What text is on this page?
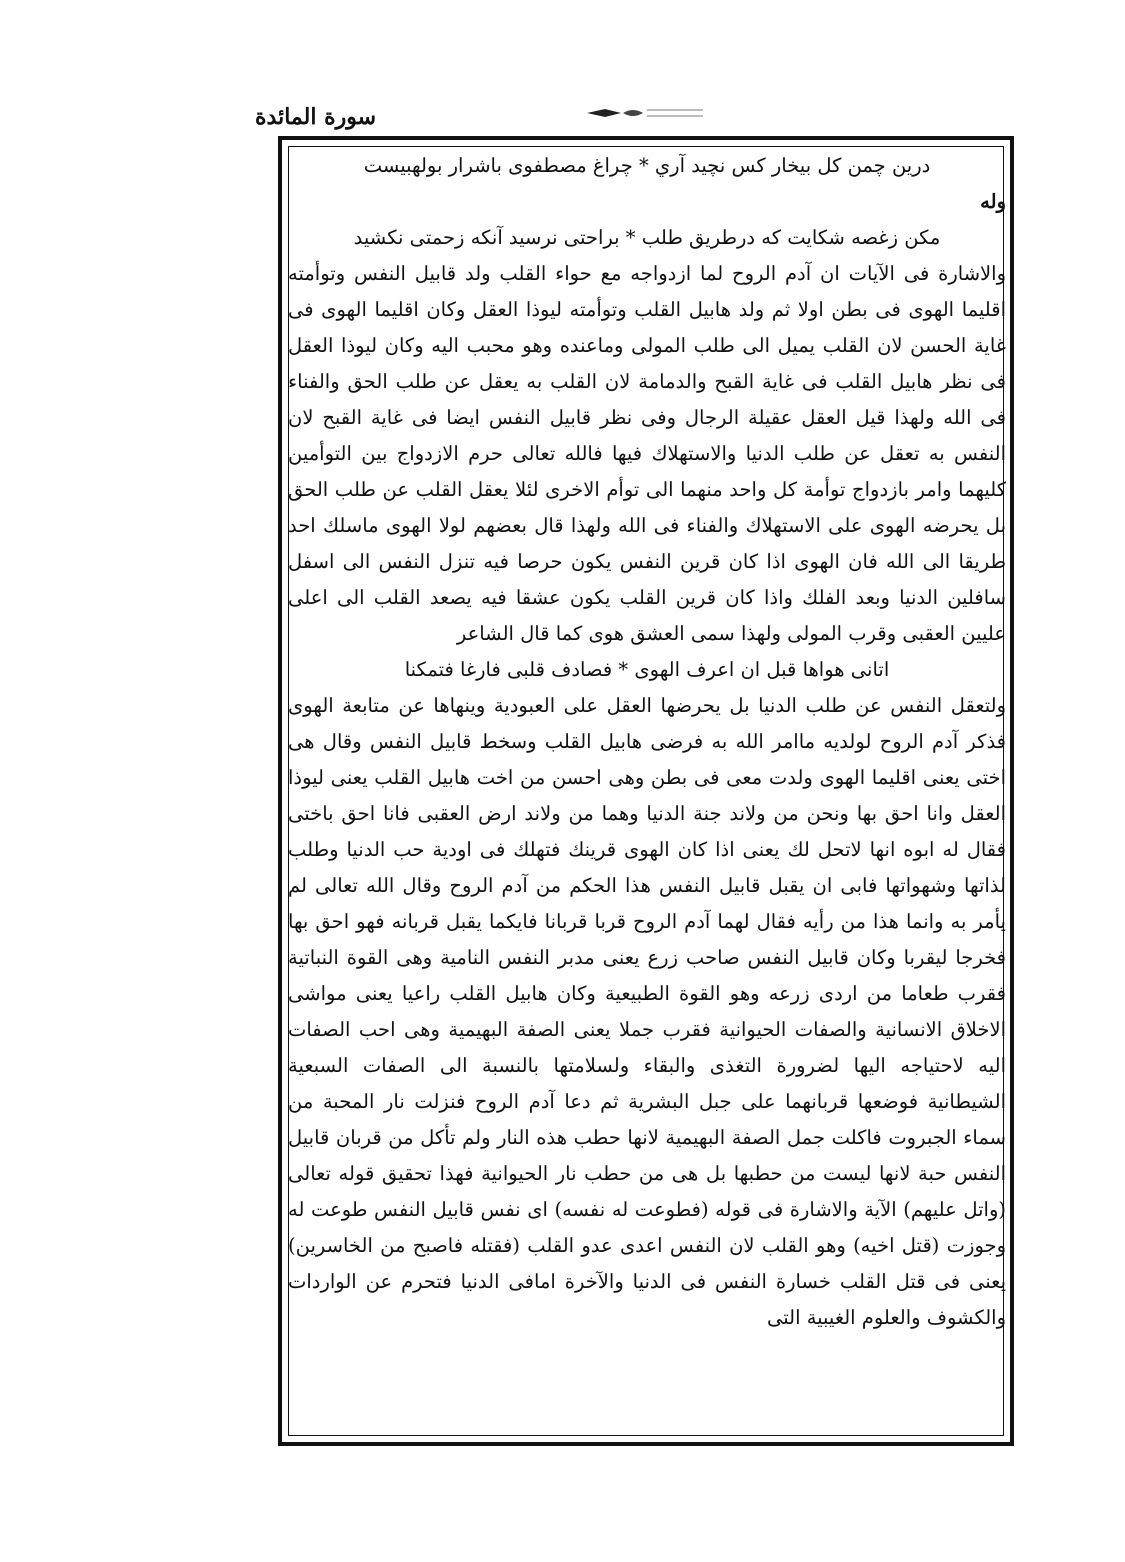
سورة المائدة

درين چمن كل بيخار كس نچيد آري * چراغ مصطفوى باشرار بولهبيست

وله

مكن زغصه شكايت كه درطريق طلب * براحتى نرسيد آنكه زحمتى نكشيد

والاشارة فى الآيات ان آدم الروح لما ازدواجه مع حواء القلب ولد قابيل النفس وتوأمته اقليما الهوى فى بطن اولا ثم ولد هابيل القلب وتوأمته ليوذا العقل وكان اقليما الهوى فى غاية الحسن لان القلب يميل الى طلب المولى وماعنده وهو محبب اليه وكان ليوذا العقل فى نظر هابيل القلب فى غاية القبح والدمامة لان القلب به يعقل عن طلب الحق والفناء فى الله ولهذا قيل العقل عقيلة الرجال وفى نظر قابيل النفس ايضا فى غاية القبح لان النفس به تعقل عن طلب الدنيا والاستهلاك فيها فالله تعالى حرم الازدواج بين التوأمين كليهما وامر بازدواج توأمة كل واحد منهما الى توأم الاخرى لئلا يعقل القلب عن طلب الحق بل يحرضه الهوى على الاستهلاك والفناء فى الله ولهذا قال بعضهم لولا الهوى ماسلك احد طريقا الى الله فان الهوى اذا كان قرين النفس يكون حرصا فيه تنزل النفس الى اسفل سافلين الدنيا وبعد الفلك واذا كان قرين القلب يكون عشقا فيه يصعد القلب الى اعلى عليين العقبى وقرب المولى ولهذا سمى العشق هوى كما قال الشاعر

اتانى هواها قبل ان اعرف الهوى * فصادف قلبى فارغا فتمكنا

ولتعقل النفس عن طلب الدنيا بل يحرضها العقل على العبودية وينهاها عن متابعة الهوى فذكر آدم الروح لولديه ماامر الله به فرضى هابيل القلب وسخط قابيل النفس وقال هى اختى يعنى اقليما الهوى ولدت معى فى بطن وهى احسن من اخت هابيل القلب يعنى ليوذا العقل وانا احق بها ونحن من ولاند جنة الدنيا وهما من ولاند ارض العقبى فانا احق باختى فقال له ابوه انها لاتحل لك يعنى اذا كان الهوى قرينك فتهلك فى اودية حب الدنيا وطلب لذاتها وشهواتها فابى ان يقبل قابيل النفس هذا الحكم من آدم الروح وقال الله تعالى لم يأمر به وانما هذا من رأيه فقال لهما آدم الروح قربا قربانا فايكما يقبل قربانه فهو احق بها فخرجا ليقربا وكان قابيل النفس صاحب زرع يعنى مدبر النفس النامية وهى القوة النباتية فقرب طعاما من اردى زرعه وهو القوة الطبيعية وكان هابيل القلب راعيا يعنى مواشى الاخلاق الانسانية والصفات الحيوانية فقرب جملا يعنى الصفة البهيمية وهى احب الصفات اليه لاحتياجه اليها لضرورة التغذى والبقاء ولسلامتها بالنسبة الى الصفات السبعية الشيطانية فوضعها قربانهما على جبل البشرية ثم دعا آدم الروح فنزلت نار المحبة من سماء الجبروت فاكلت جمل الصفة البهيمية لانها حطب هذه النار ولم تأكل من قربان قابيل النفس حبة لانها ليست من حطبها بل هى من حطب نار الحيوانية فهذا تحقيق قوله تعالى (واتل عليهم) الآية والاشارة فى قوله (فطوعت له نفسه) اى نفس قابيل النفس طوعت له وجوزت (قتل اخيه) وهو القلب لان النفس اعدى عدو القلب (فقتله فاصبح من الخاسرين) يعنى فى قتل القلب خسارة النفس فى الدنيا والآخرة امافى الدنيا فتحرم عن الواردات والكشوف والعلوم الغيبية التى
